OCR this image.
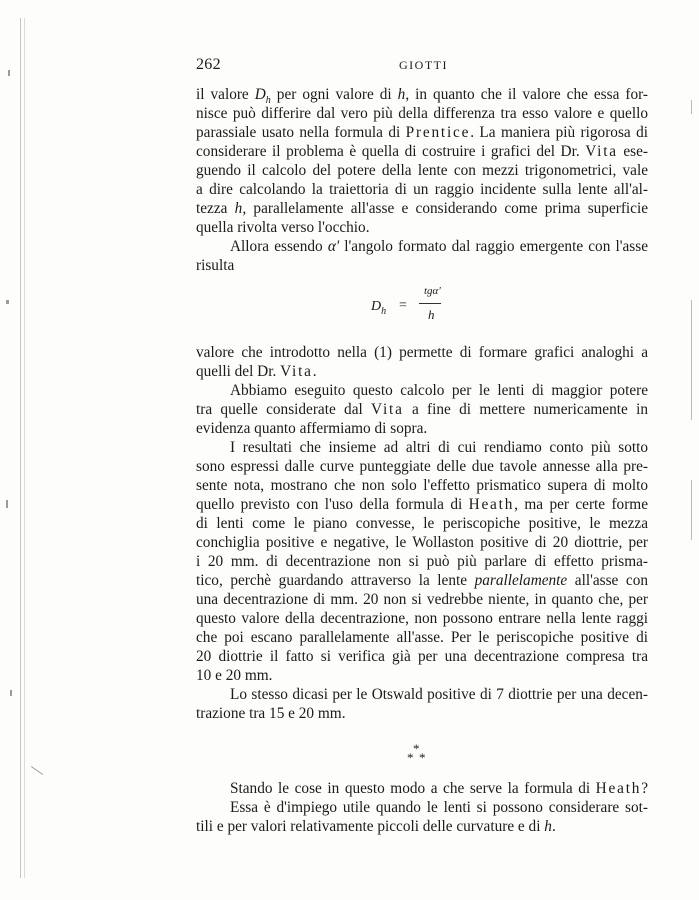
262	GIOTTI
il valore $D_h$ per ogni valore di h, in quanto che il valore che essa for-
nisce può differire dal vero più della differenza tra esso valore e quello
parassiale usato nella formula di Prentice. La maniera più rigorosa di
considerare il problema è quella di costruire i grafici del Dr. Vita ese-
guendo il calcolo del potere della lente con mezzi trigonometrici, vale
a dire calcolando la traiettoria di un raggio incidente sulla lente all'al-
tezza h, parallelamente all'asse e considerando come prima superficie
quella rivolta verso l'occhio.
Allora essendo α' l'angolo formato dal raggio emergente con l'asse
risulta
$D_h$ =
tgα'
h
valore che introdotto nella (1) permette di formare grafici analoghi a
quelli del Dr. Vita.
Abbiamo eseguito questo calcolo per le lenti di maggior potere
tra quelle considerate dal Vita a fine di mettere numericamente in
evidenza quanto affermiamo di sopra.
I resultati che insieme ad altri di cui rendiamo conto più sotto
sono espressi dalle curve punteggiate delle due tavole annesse alla pre-
sente nota, mostrano che non solo l'effetto prismatico supera di molto
quello previsto con l'uso della formula di Heath, ma per certe forme
di lenti come le piano convesse, le periscopiche positive, le mezza
conchiglia positive e negative, le Wollaston positive di 20 diottrie, per
i 20 mm. di decentrazione non si può più parlare di effetto prisma-
tico, perchè guardando attraverso la lente parallelamente all'asse con
una decentrazione di mm. 20 non si vedrebbe niente, in quanto che, per
questo valore della decentrazione, non possono entrare nella lente raggi
che poi escano parallelamente all'asse. Per le periscopiche positive di
20 diottrie il fatto si verifica già per una decentrazione compresa tra
10 e 20 mm.
Lo stesso dicasi per le Otswald positive di 7 diottrie per una decen-
trazione tra 15 e 20 mm.
*
* *
Stando le cose in questo modo a che serve la formula di Heath?
Essa è d'impiego utile quando le lenti si possono considerare sot-
tili e per valori relativamente piccoli delle curvature e di h.
